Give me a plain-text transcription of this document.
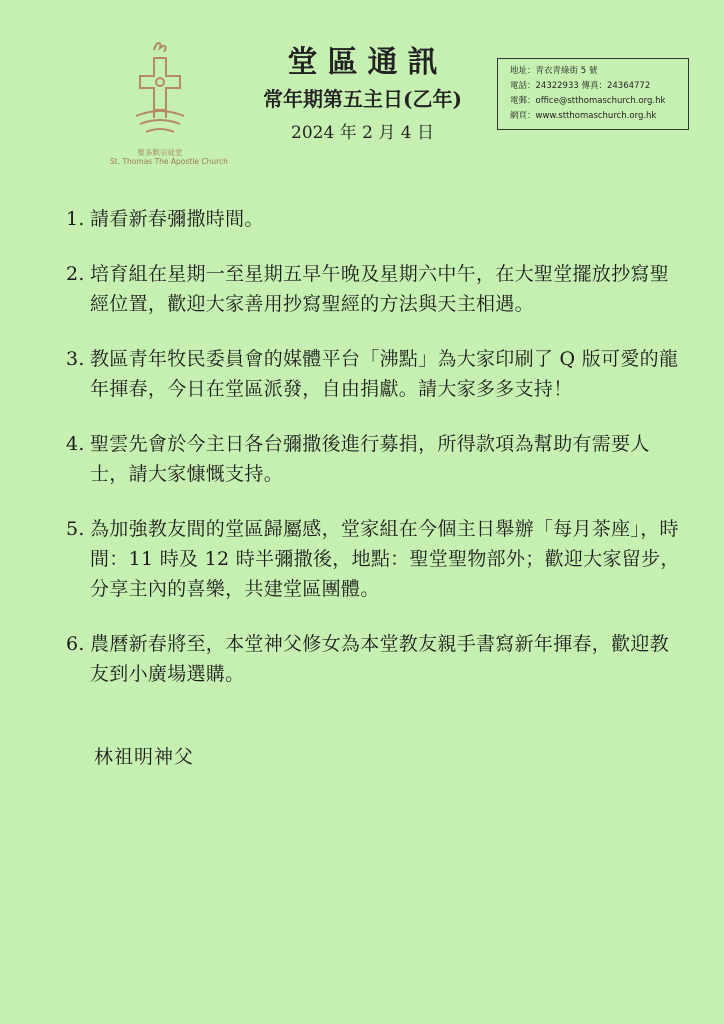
聖多默宗徒堂
St. Thomas The Apostle Church
堂區通訊
常年期第五主日(乙年)
2024 年 2 月 4 日
地址：青衣青綠街 5 號
電話：24322933 傳真：24364772
電郵：office@stthomaschurch.org.hk
網頁：www.stthomaschurch.org.hk
1. 請看新春彌撒時間。
2. 培育組在星期一至星期五早午晚及星期六中午，在大聖堂擺放抄寫聖經位置，歡迎大家善用抄寫聖經的方法與天主相遇。
3. 教區青年牧民委員會的媒體平台「沸點」為大家印刷了 Q 版可愛的龍年揮春，今日在堂區派發，自由捐獻。請大家多多支持！
4. 聖雲先會於今主日各台彌撒後進行募捐，所得款項為幫助有需要人士，請大家慷慨支持。
5. 為加強教友間的堂區歸屬感，堂家組在今個主日舉辦「每月茶座」，時間：11 時及 12 時半彌撒後，地點：聖堂聖物部外；歡迎大家留步，分享主內的喜樂，共建堂區團體。
6. 農曆新春將至，本堂神父修女為本堂教友親手書寫新年揮春，歡迎教友到小廣場選購。
林祖明神父
